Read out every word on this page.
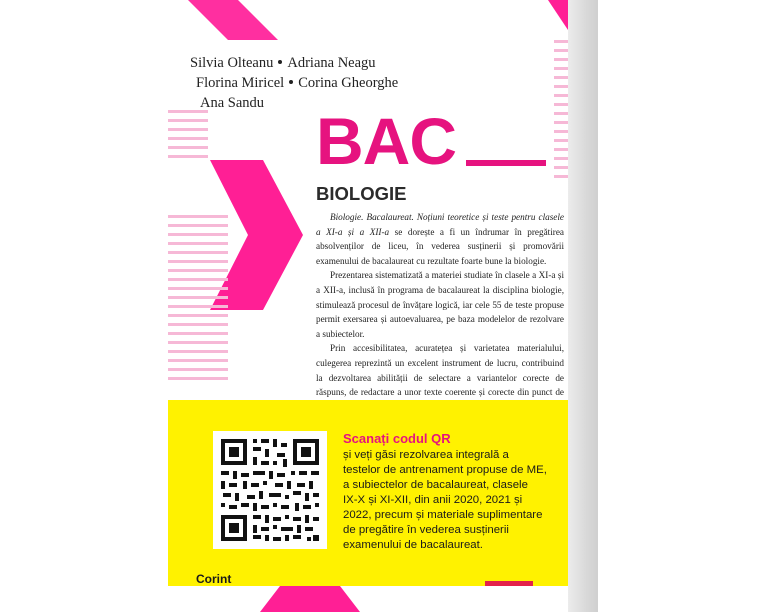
Silvia Olteanu Adriana Neagu
Florina Miricel Corina Gheorghe
Ana Sandu
BAC
BIOLOGIE

Biologie. Bacalaureat. Noțiuni teoretice și teste pentru clasele a XI-a și a XII-a se dorește a fi un îndrumar în pregătirea absolvenților de liceu, în vederea susținerii și promovării examenului de bacalaureat cu rezultate foarte bune la biologie.

Prezentarea sistematizată a materiei studiate în clasele a XI-a și a XII-a, inclusă în programa de bacalaureat la disciplina biologie, stimulează procesul de învățare logică, iar cele 55 de teste propuse permit exersarea și autoevaluarea, pe baza modelelor de rezolvare a subiectelor.

Prin accesibilitatea, acuratețea și varietatea materialului, culegerea reprezintă un excelent instrument de lucru, contribuind la dezvoltarea abilității de selectare a variantelor corecte de răspuns, de redactare a unor texte coerente și corecte din punct de

Scanați codul QR
și veți găsi rezolvarea integrală a
testelor de antrenament propuse de ME,
a subiectelor de bacalaureat, clasele
IX-X și XI-XII, din anii 2020, 2021 și
2022, precum și materiale suplimentare
de pregătire în vederea susținerii
examenului de bacalaureat.
Corint
